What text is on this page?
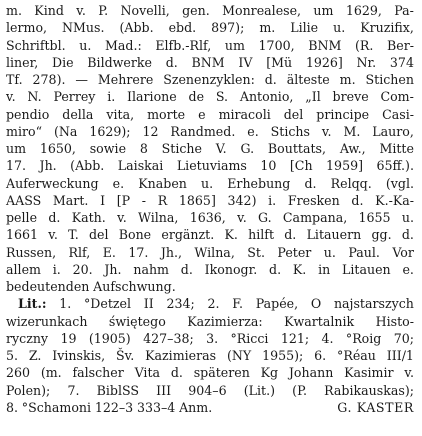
m. Kind v. P. Novelli, gen. Monrealese, um 1629, Pa-
lermo, NMus. (Abb. ebd. 897); m. Lilie u. Kruzifix,
Schriftbl. u. Mad.: Elfb.-Rlf, um 1700, BNM (R. Ber-
liner, Die Bildwerke d. BNM IV [Mü 1926] Nr. 374
Tf. 278). — Mehrere Szenenzyklen: d. älteste m. Stichen
v. N. Perrey i. Ilarione de S. Antonio, „Il breve Com-
pendio della vita, morte e miracoli del principe Casi-
miro“ (Na 1629); 12 Randmed. e. Stichs v. M. Lauro,
um 1650, sowie 8 Stiche V. G. Bouttats, Aw., Mitte
17. Jh. (Abb. Laiskai Lietuviams 10 [Ch 1959] 65ff.).
Auferweckung e. Knaben u. Erhebung d. Relqq. (vgl.
AASS Mart. I [P - R 1865] 342) i. Fresken d. K.-Ka-
pelle d. Kath. v. Wilna, 1636, v. G. Campana, 1655 u.
1661 v. T. del Bone ergänzt. K. hilft d. Litauern gg. d.
Russen, Rlf, E. 17. Jh., Wilna, St. Peter u. Paul. Vor
allem i. 20. Jh. nahm d. Ikonogr. d. K. in Litauen e.
bedeutenden Aufschwung.
Lit.: 1. °Detzel II 234; 2. F. Papée, O najstarszych
wizerunkach świętego Kazimierza: Kwartalnik Histo-
ryczny 19 (1905) 427–38; 3. °Ricci 121; 4. °Roig 70;
5. Z. Ivinskis, Šv. Kazimieras (NY 1955); 6. °Réau III/1
260 (m. falscher Vita d. späteren Kg Johann Kasimir v.
Polen); 7. BiblSS III 904–6 (Lit.) (P. Rabikauskas);
8. °Schamoni 122–3 333–4 Anm.	G. KASTER
